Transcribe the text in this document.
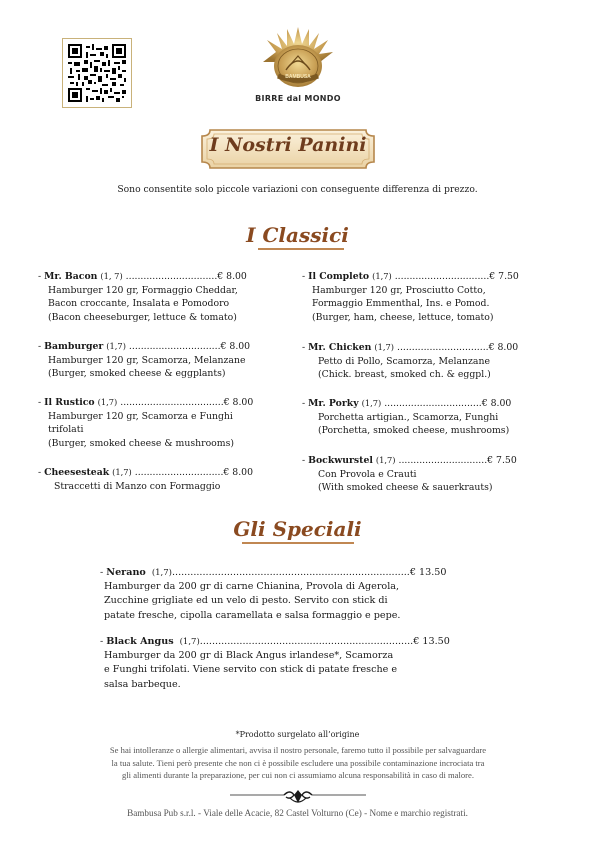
BAMBUSA
BIRRE dal MONDO
I Nostri Panini
Sono consentite solo piccole variazioni con conseguente differenza di prezzo.
I Classici
- Mr. Bacon (1, 7) ...............................€ 8.00
Hamburger 120 gr, Formaggio Cheddar,
Bacon croccante, Insalata e Pomodoro
(Bacon cheeseburger, lettuce & tomato)
- Bamburger (1,7) ...............................€ 8.00
Hamburger 120 gr, Scamorza, Melanzane
(Burger, smoked cheese & eggplants)
- Il Rustico (1,7) ...................................€ 8.00
Hamburger 120 gr, Scamorza e Funghi
trifolati
(Burger, smoked cheese & mushrooms)
- Cheesesteak (1,7) ..............................€ 8.00
Straccetti di Manzo con Formaggio
- Il Completo (1,7) ................................€ 7.50
Hamburger 120 gr, Prosciutto Cotto,
Formaggio Emmenthal, Ins. e Pomod.
(Burger, ham, cheese, lettuce, tomato)
- Mr. Chicken (1,7) ...............................€ 8.00
Petto di Pollo, Scamorza, Melanzane
(Chick. breast, smoked ch. & eggpl.)
- Mr. Porky (1,7) .................................€ 8.00
Porchetta artigian., Scamorza, Funghi
(Porchetta, smoked cheese, mushrooms)
- Bockwurstel (1,7) ..............................€ 7.50
Con Provola e Crauti
(With smoked cheese & sauerkrauts)
Gli Speciali
- Nerano (1,7)..............................................................................€ 13.50
Hamburger da 200 gr di carne Chianina, Provola di Agerola,
Zucchine grigliate ed un velo di pesto. Servito con stick di
patate fresche, cipolla caramellata e salsa formaggio e pepe.
- Black Angus (1,7)......................................................................€ 13.50
Hamburger da 200 gr di Black Angus irlandese*, Scamorza
e Funghi trifolati. Viene servito con stick di patate fresche e
salsa barbeque.
*Prodotto surgelato all’origine
Se hai intolleranze o allergie alimentari, avvisa il nostro personale, faremo tutto il possibile per salvaguardare
la tua salute. Tieni però presente che non ci è possibile escludere una possibile contaminazione incrociata tra
gli alimenti durante la preparazione, per cui non ci assumiamo alcuna responsabilità in caso di malore.
Bambusa Pub s.r.l. - Viale delle Acacie, 82 Castel Volturno (Ce) - Nome e marchio registrati.
